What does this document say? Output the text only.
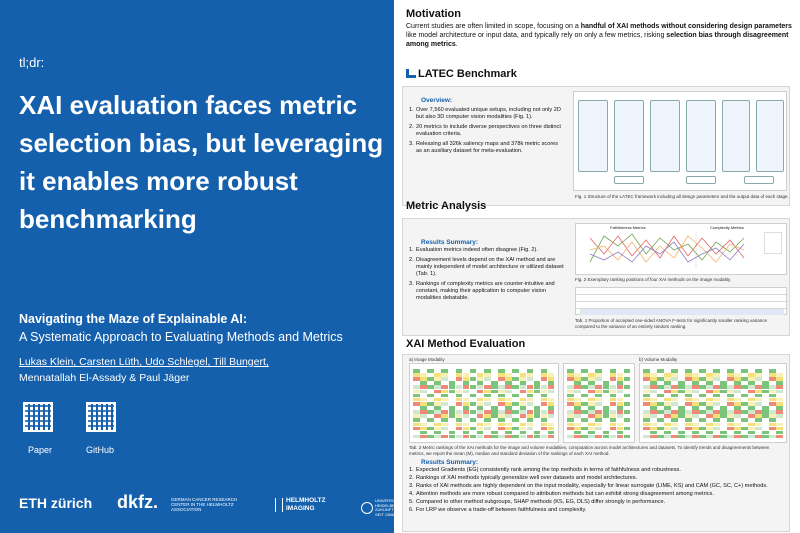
tl;dr:
XAI evaluation faces metric selection bias, but leveraging it enables more robust benchmarking
Navigating the Maze of Explainable AI:
A Systematic Approach to Evaluating Methods and Metrics
Lukas Klein, Carsten Lüth, Udo Schlegel, Till Bungert,
Mennatallah El-Assady & Paul Jäger
Paper	GitHub
ETH zürich dkfz.	GERMAN CANCER RESEARCH CENTER IN THE HELMHOLTZ ASSOCIATION
HELMHOLTZ IMAGING
UNIVERSITÄT HEIDELBERG ZUKUNFT SEIT 1386
Motivation
Current studies are often limited in scope, focusing on a handful of XAI methods without considering design parameters like model architecture or input data, and typically rely on only a few metrics, risking selection bias through disagreement among metrics.
LATEC Benchmark
Overview:
1. Over 7,560 evaluated unique setups, including not only 2D but also 3D computer vision modalities (Fig. 1).
2. 20 metrics to include diverse perspectives on three distinct evaluation criteria.
3. Releasing all 326k saliency maps and 378k metric scores as an auxiliary dataset for meta-evaluation.
Fig. 1 Structure of the LATEC framework including all design parameters and the output data of each stage.
Metric Analysis
Results Summary:
1. Evaluation metrics indeed often disagree (Fig. 2).
2. Disagreement levels depend on the XAI method and are mainly independent of model architecture or utilized dataset (Tab. 1).
3. Rankings of complexity metrics are counter-intuitive and constant, making their application to computer vision modalities debatable.
Faithfulness Metrics	Complexity Metrics
Fig. 2 Exemplary ranking positions of four XAI methods on the image modality.
Tab. 1 Proportion of accepted one-sided ANOVA F-tests for significantly smaller ranking variance compared to the variance of an entirely random ranking.
XAI Method Evaluation
a) Image Modality	b) Volume Modality
Tab. 2 Metric rankings of the XAI methods for the image and volume modalities, computation across model architectures and datasets. To identify trends and disagreements between metrics, we report the mean (M), median and standard deviation of the rankings of each XAI method.
Results Summary:
1. Expected Gradients (EG) consistently rank among the top methods in terms of faithfulness and robustness.
2. Rankings of XAI methods typically generalize well over datasets and model architectures.
3. Ranks of XAI methods are highly dependent on the input modality, especially for linear surrogate (LIME, KS) and CAM (GC, SC, C+) methods.
4. Attention methods are more robust compared to attribution methods but can exhibit strong disagreement among metrics.
5. Compared to other method subgroups, SHAP methods (KS, EG, DLS) differ strongly in performance.
6. For LRP we observe a trade-off between faithfulness and complexity.
